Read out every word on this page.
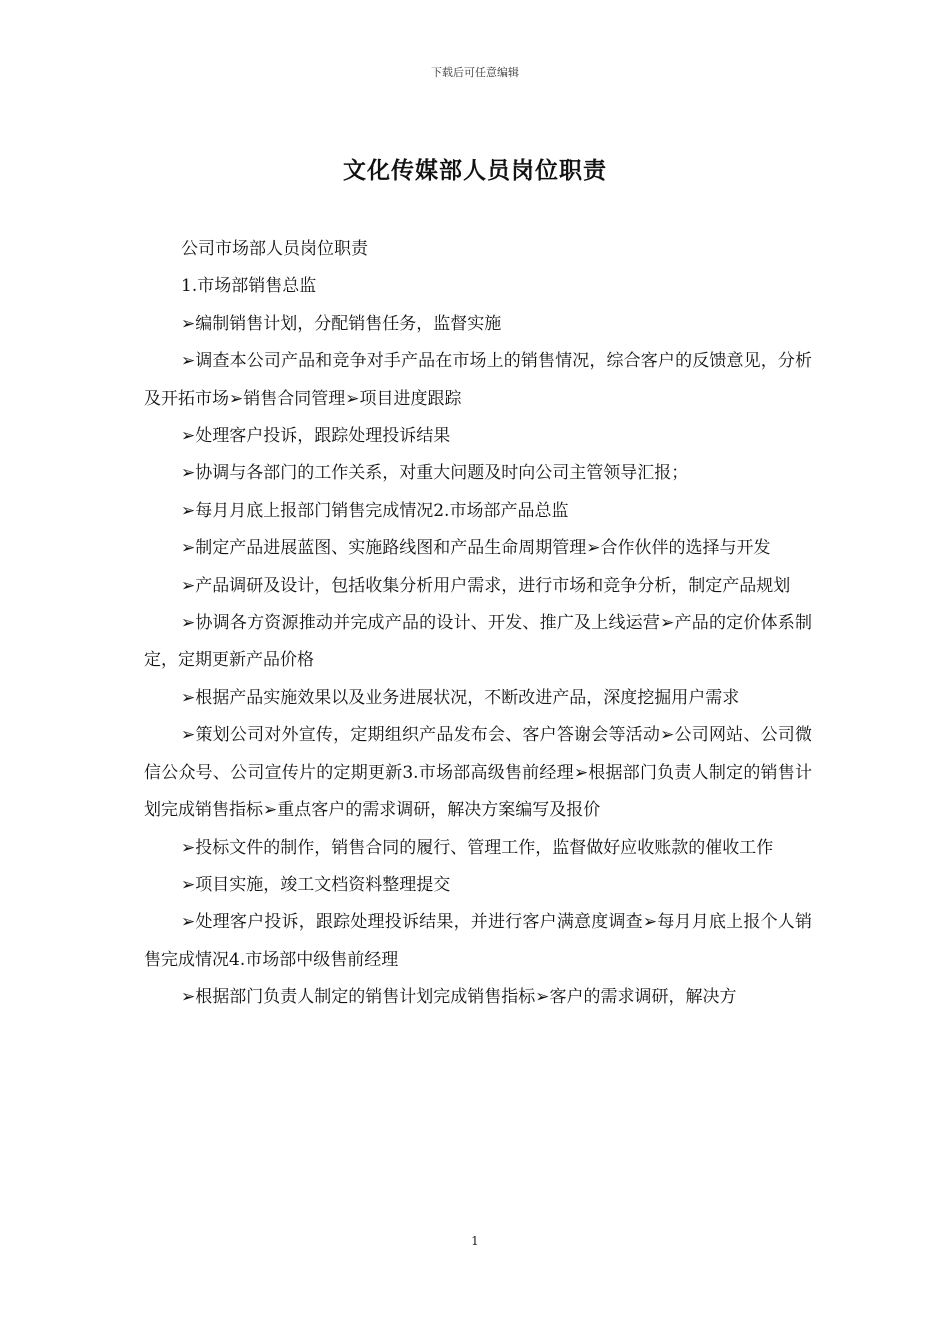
下载后可任意编辑
文化传媒部人员岗位职责

公司市场部人员岗位职责

1.市场部销售总监

➢编制销售计划，分配销售任务，监督实施

➢调查本公司产品和竞争对手产品在市场上的销售情况，综合客户的反馈意见，分析及开拓市场➢销售合同管理➢项目进度跟踪

➢处理客户投诉，跟踪处理投诉结果

➢协调与各部门的工作关系，对重大问题及时向公司主管领导汇报；

➢每月月底上报部门销售完成情况2.市场部产品总监

➢制定产品进展蓝图、实施路线图和产品生命周期管理➢合作伙伴的选择与开发

➢产品调研及设计，包括收集分析用户需求，进行市场和竞争分析，制定产品规划

➢协调各方资源推动并完成产品的设计、开发、推广及上线运营➢产品的定价体系制定，定期更新产品价格

➢根据产品实施效果以及业务进展状况，不断改进产品，深度挖掘用户需求

➢策划公司对外宣传，定期组织产品发布会、客户答谢会等活动➢公司网站、公司微信公众号、公司宣传片的定期更新3.市场部高级售前经理➢根据部门负责人制定的销售计划完成销售指标➢重点客户的需求调研，解决方案编写及报价

➢投标文件的制作，销售合同的履行、管理工作，监督做好应收账款的催收工作

➢项目实施，竣工文档资料整理提交

➢处理客户投诉，跟踪处理投诉结果，并进行客户满意度调查➢每月月底上报个人销售完成情况4.市场部中级售前经理

➢根据部门负责人制定的销售计划完成销售指标➢客户的需求调研，解决方

1
